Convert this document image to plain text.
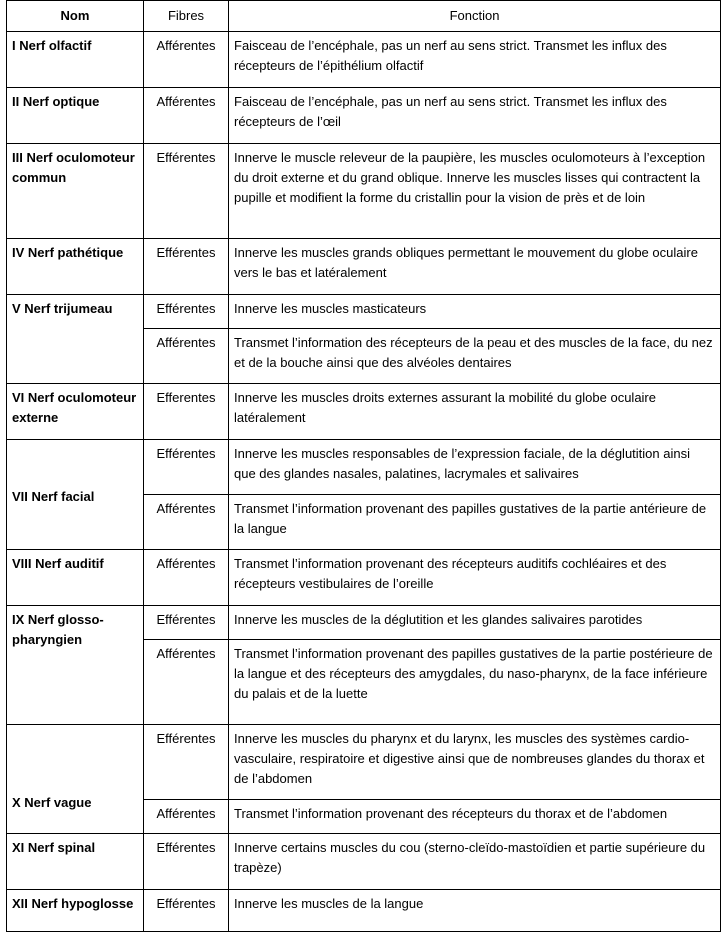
Nom	Fibres	Fonction
I Nerf olfactif	Afférentes	Faisceau de l’encéphale, pas un nerf au sens strict. Transmet les influx des récepteurs de l’épithélium olfactif
II Nerf optique	Afférentes	Faisceau de l’encéphale, pas un nerf au sens strict. Transmet les influx des récepteurs de l’œil
III Nerf oculomoteur commun	Efférentes	Innerve le muscle releveur de la paupière, les muscles oculomoteurs à l’exception du droit externe et du grand oblique. Innerve les muscles lisses qui contractent la pupille et modifient la forme du cristallin pour la vision de près et de loin
IV Nerf pathétique	Efférentes	Innerve les muscles grands obliques permettant le mouvement du globe oculaire vers le bas et latéralement
V Nerf trijumeau	Efférentes	Innerve les muscles masticateurs
	Afférentes	Transmet l’information des récepteurs de la peau et des muscles de la face, du nez et de la bouche ainsi que des alvéoles dentaires
VI Nerf oculomoteur externe	Efferentes	Innerve les muscles droits externes assurant la mobilité du globe oculaire latéralement
VII Nerf facial	Efférentes	Innerve les muscles responsables de l’expression faciale, de la déglutition ainsi que des glandes nasales, palatines, lacrymales et salivaires
	Afférentes	Transmet l’information provenant des papilles gustatives de la partie antérieure de la langue
VIII Nerf auditif	Afférentes	Transmet l’information provenant des récepteurs auditifs cochléaires et des récepteurs vestibulaires de l’oreille
IX Nerf glosso-pharyngien	Efférentes	Innerve les muscles de la déglutition et les glandes salivaires parotides
	Afférentes	Transmet l’information provenant des papilles gustatives de la partie postérieure de la langue et des récepteurs des amygdales, du naso-pharynx, de la face inférieure du palais et de la luette
X Nerf vague	Efférentes	Innerve les muscles du pharynx et du larynx, les muscles des systèmes cardio-vasculaire, respiratoire et digestive ainsi que de nombreuses glandes du thorax et de l’abdomen
	Afférentes	Transmet l’information provenant des récepteurs du thorax et de l’abdomen
XI Nerf spinal	Efférentes	Innerve certains muscles du cou (sterno-cleïdo-mastoïdien et partie supérieure du trapèze)
XII Nerf hypoglosse	Efférentes	Innerve les muscles de la langue
